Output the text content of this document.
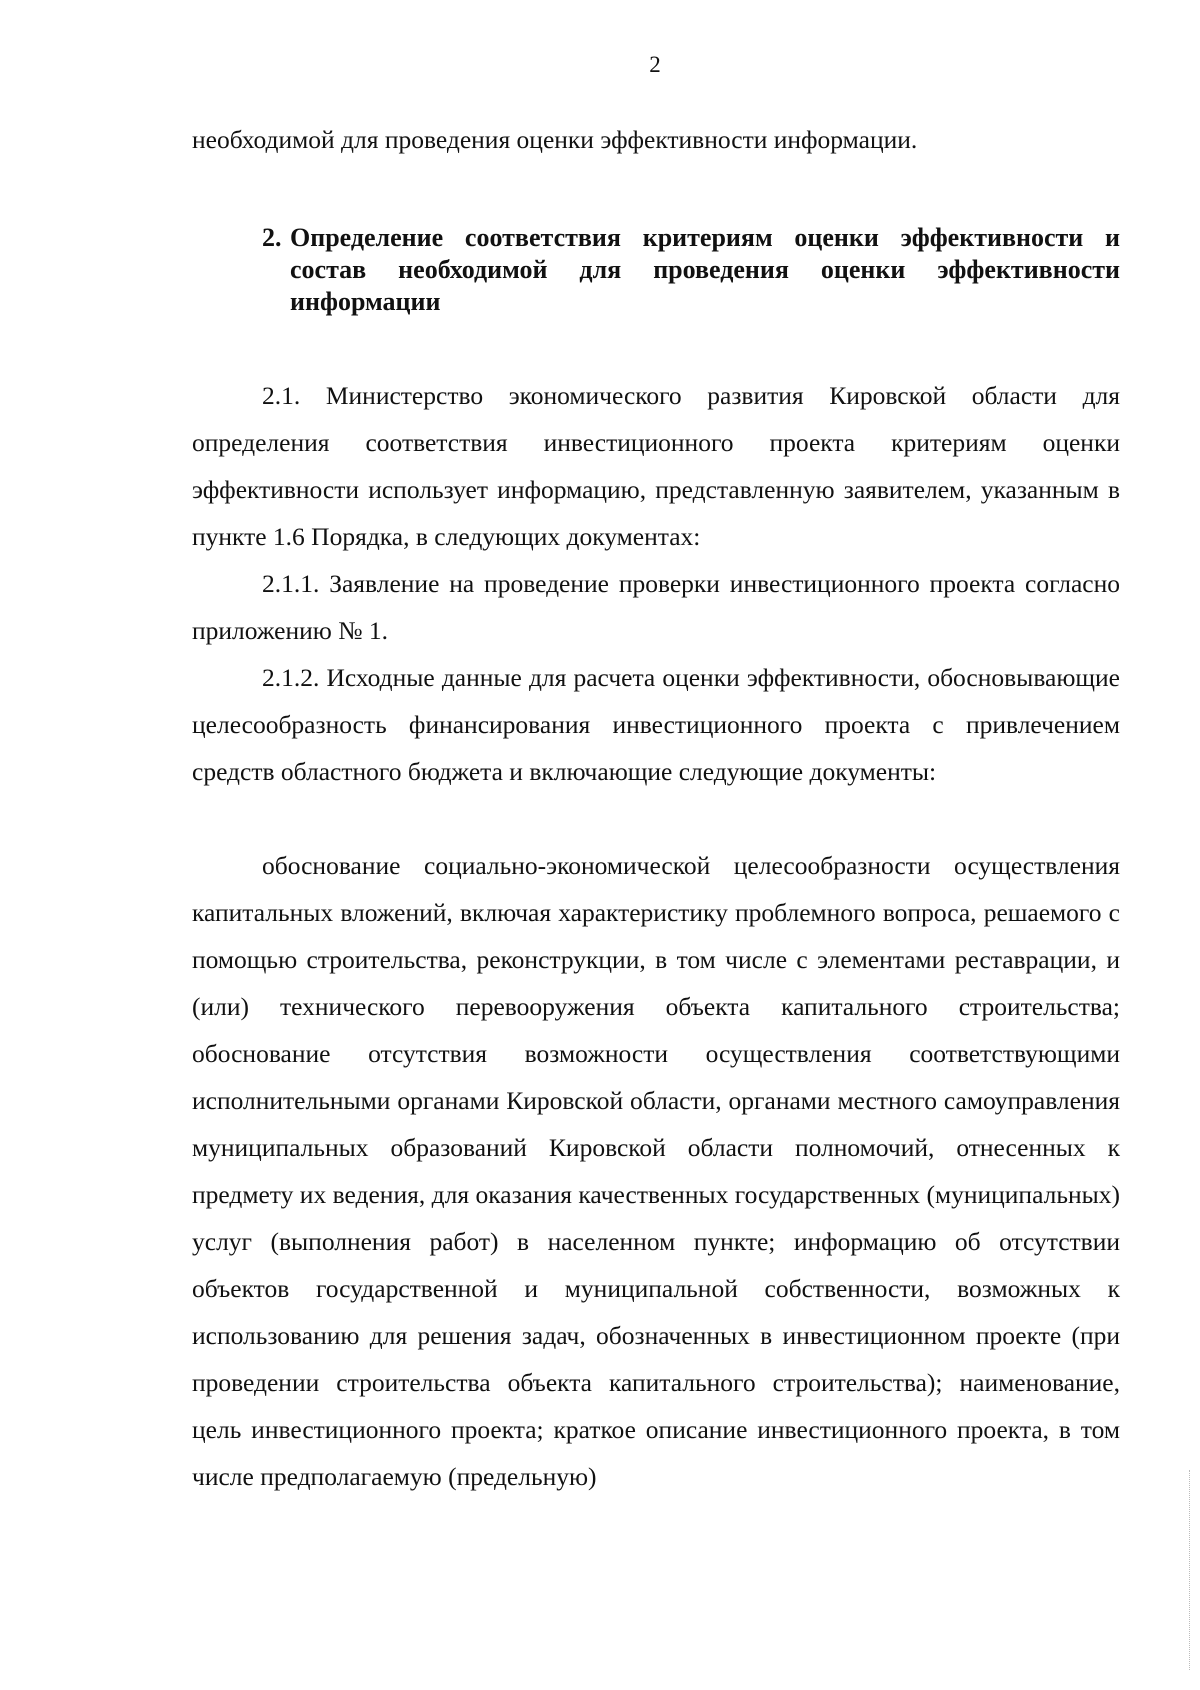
2

необходимой для проведения оценки эффективности информации.

2. Определение соответствия критериям оценки эффективности и состав необходимой для проведения оценки эффективности информации

2.1. Министерство экономического развития Кировской области для определения соответствия инвестиционного проекта критериям оценки эффективности использует информацию, представленную заявителем, указанным в пункте 1.6 Порядка, в следующих документах:

2.1.1. Заявление на проведение проверки инвестиционного проекта согласно приложению № 1.

2.1.2. Исходные данные для расчета оценки эффективности, обосновывающие целесообразность финансирования инвестиционного проекта с привлечением средств областного бюджета и включающие следующие документы:

обоснование социально-экономической целесообразности осуществления капитальных вложений, включая характеристику проблемного вопроса, решаемого с помощью строительства, реконструкции, в том числе с элементами реставрации, и (или) технического перевооружения объекта капитального строительства; обоснование отсутствия возможности осуществления соответствующими исполнительными органами Кировской области, органами местного самоуправления муниципальных образований Кировской области полномочий, отнесенных к предмету их ведения, для оказания качественных государственных (муниципальных) услуг (выполнения работ) в населенном пункте; информацию об отсутствии объектов государственной и муниципальной собственности, возможных к использованию для решения задач, обозначенных в инвестиционном проекте (при проведении строительства объекта капитального строительства); наименование, цель инвестиционного проекта; краткое описание инвестиционного проекта, в том числе предполагаемую (предельную)
